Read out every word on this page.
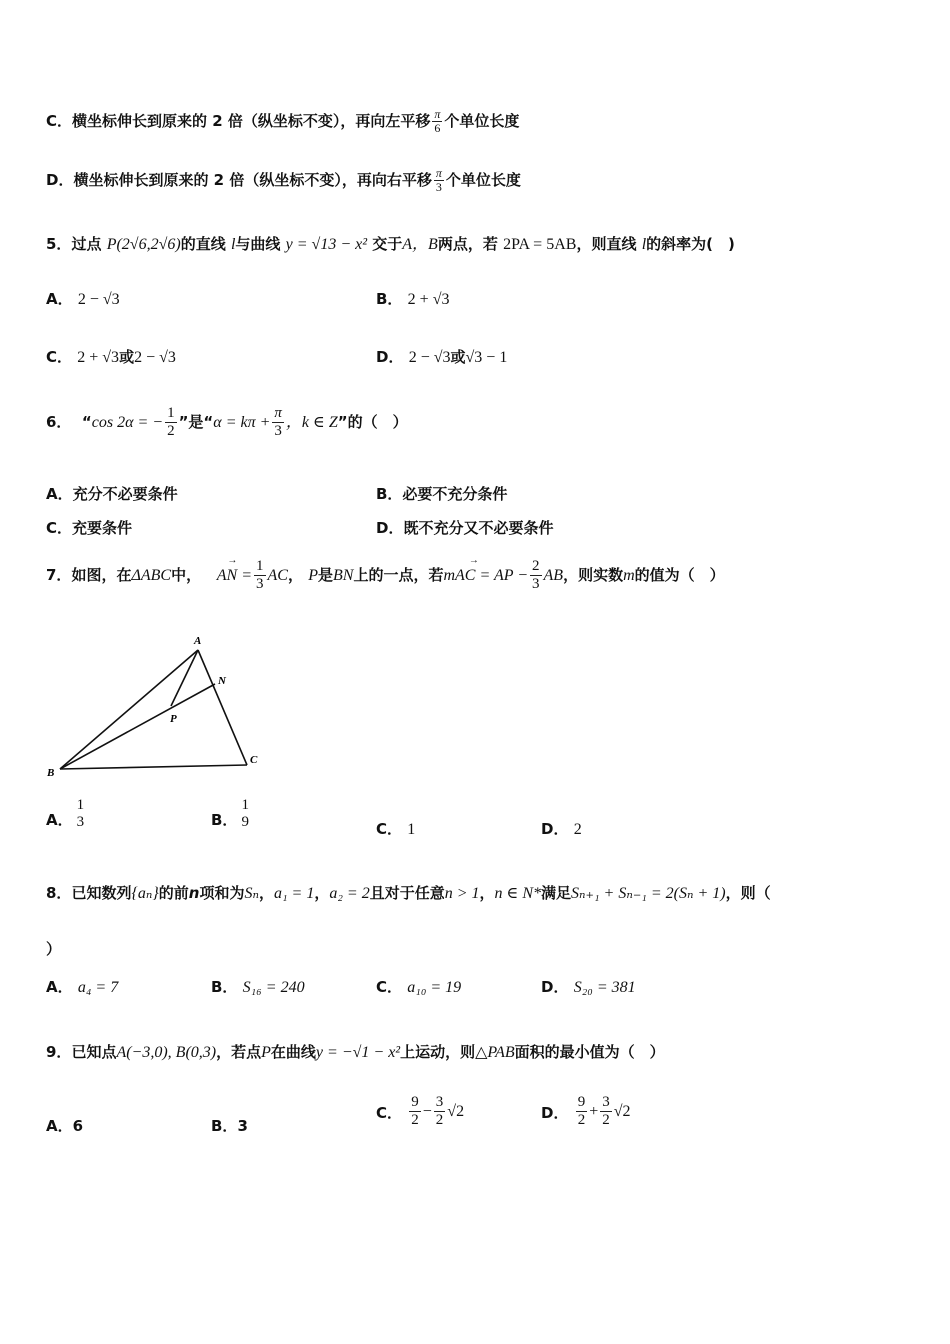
C．横坐标伸长到原来的 2 倍（纵坐标不变），再向左平移 $\frac{\pi}{6}$ 个单位长度
D．横坐标伸长到原来的 2 倍（纵坐标不变），再向右平移 $\frac{\pi}{3}$ 个单位长度
5．过点 P(2√6,2√6)的直线 l与曲线 y = √13 − x² 交于A，B两点，若 2PA = 5AB，则直线 l的斜率为(　)
A． 2 − √3	B． 2 + √3
C． 2 + √3或2 − √3	D． 2 − √3或√3 − 1
6． “cos 2α = − $\frac{1}{2}$ ”是“$\alpha = k\pi + \frac{\pi}{3}$ ，k ∈ Z”的（　）
A．充分不必要条件	B．必要不充分条件
C．充要条件	D．既不充分又不必要条件
7．如图，在ΔABC中，   → AN = $\frac{1}{3}$ AC， P是BN上的一点，若→ mAC = AP − $\frac{2}{3}$ AB，则实数m的值为（　）
A
N
P
B
C
A．
1
3	B．
1
9	C． 1	D． 2
8．已知数列{aₙ}的前n项和为Sₙ，a₁ = 1，a₂ = 2且对于任意n > 1，n ∈ N*满足Sₙ₊₁ + Sₙ₋₁ = 2(Sₙ + 1)，则（
）
A． a₄ = 7	B． S₁₆ = 240	C． a₁₀ = 19	D． S₂₀ = 381
9．已知点A(−3,0), B(0,3)，若点P在曲线y = −√1 − x²上运动，则△PAB面积的最小值为（　）
A．6	B．3
C． $\frac{9}{2} - \frac{3}{2} √2$	D． $\frac{9}{2} + \frac{3}{2} √2$
